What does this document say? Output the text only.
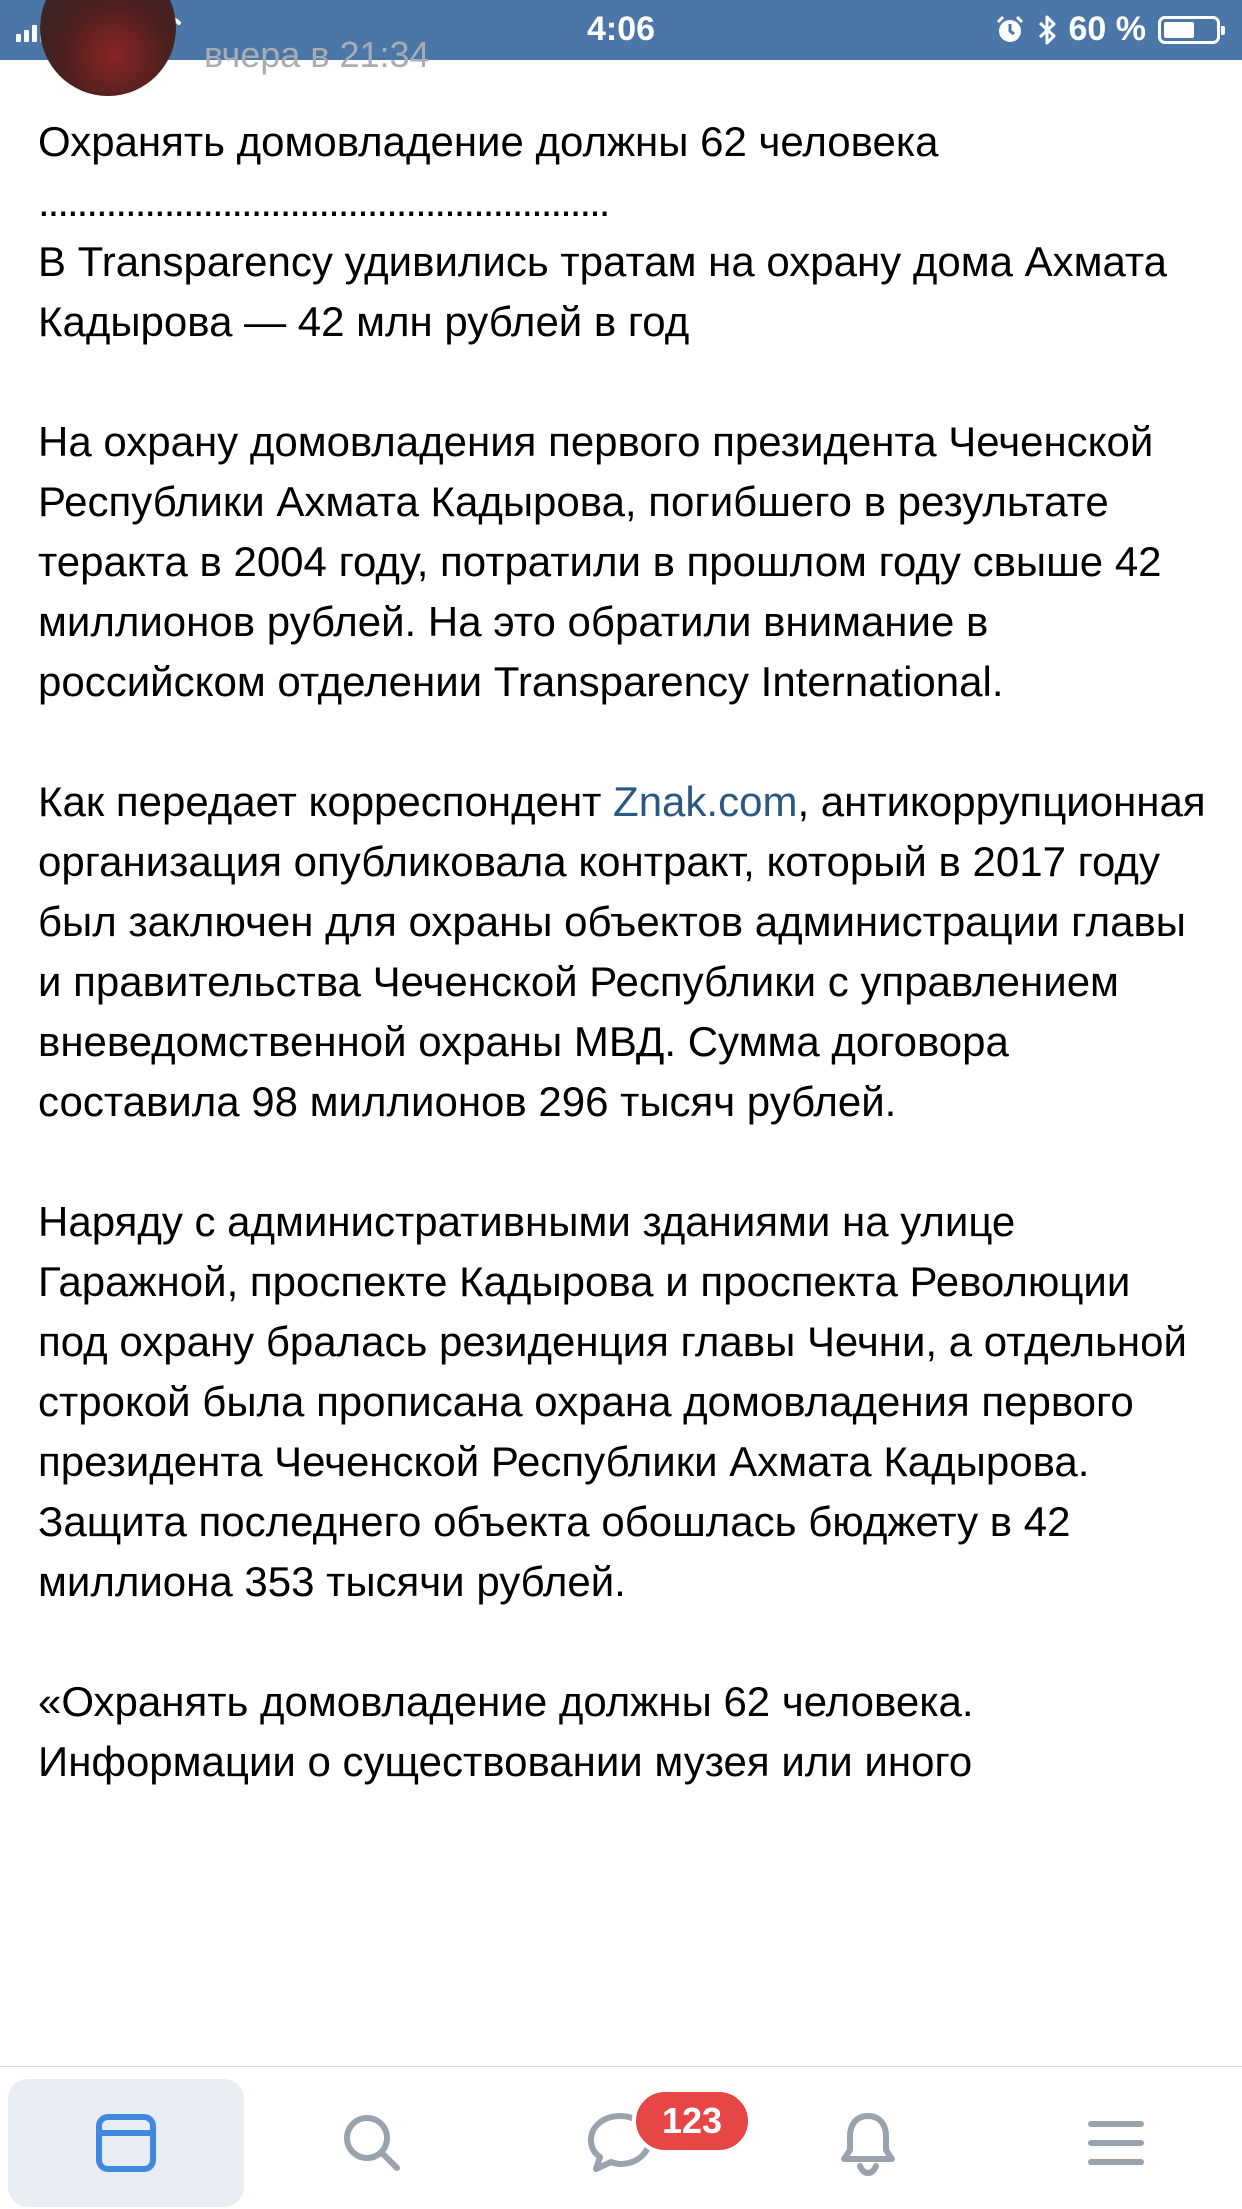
4:06	60 %
вчера в 21:34

Охранять домовладение должны 62 человека

...........................................................

В Transparency удивились тратам на охрану дома Ахмата Кадырова — 42 млн рублей в год

На охрану домовладения первого президента Чеченской Республики Ахмата Кадырова, погибшего в результате теракта в 2004 году, потратили в прошлом году свыше 42 миллионов рублей. На это обратили внимание в российском отделении Transparency International.

Как передает корреспондент Znak.com, антикоррупционная организация опубликовала контракт, который в 2017 году был заключен для охраны объектов администрации главы и правительства Чеченской Республики с управлением вневедомственной охраны МВД. Сумма договора составила 98 миллионов 296 тысяч рублей.

Наряду с административными зданиями на улице Гаражной, проспекте Кадырова и проспекта Революции под охрану бралась резиденция главы Чечни, а отдельной строкой была прописана охрана домовладения первого президента Чеченской Республики Ахмата Кадырова. Защита последнего объекта обошлась бюджету в 42 миллиона 353 тысячи рублей.

«Охранять домовладение должны 62 человека. Информации о существовании музея или иного

123
